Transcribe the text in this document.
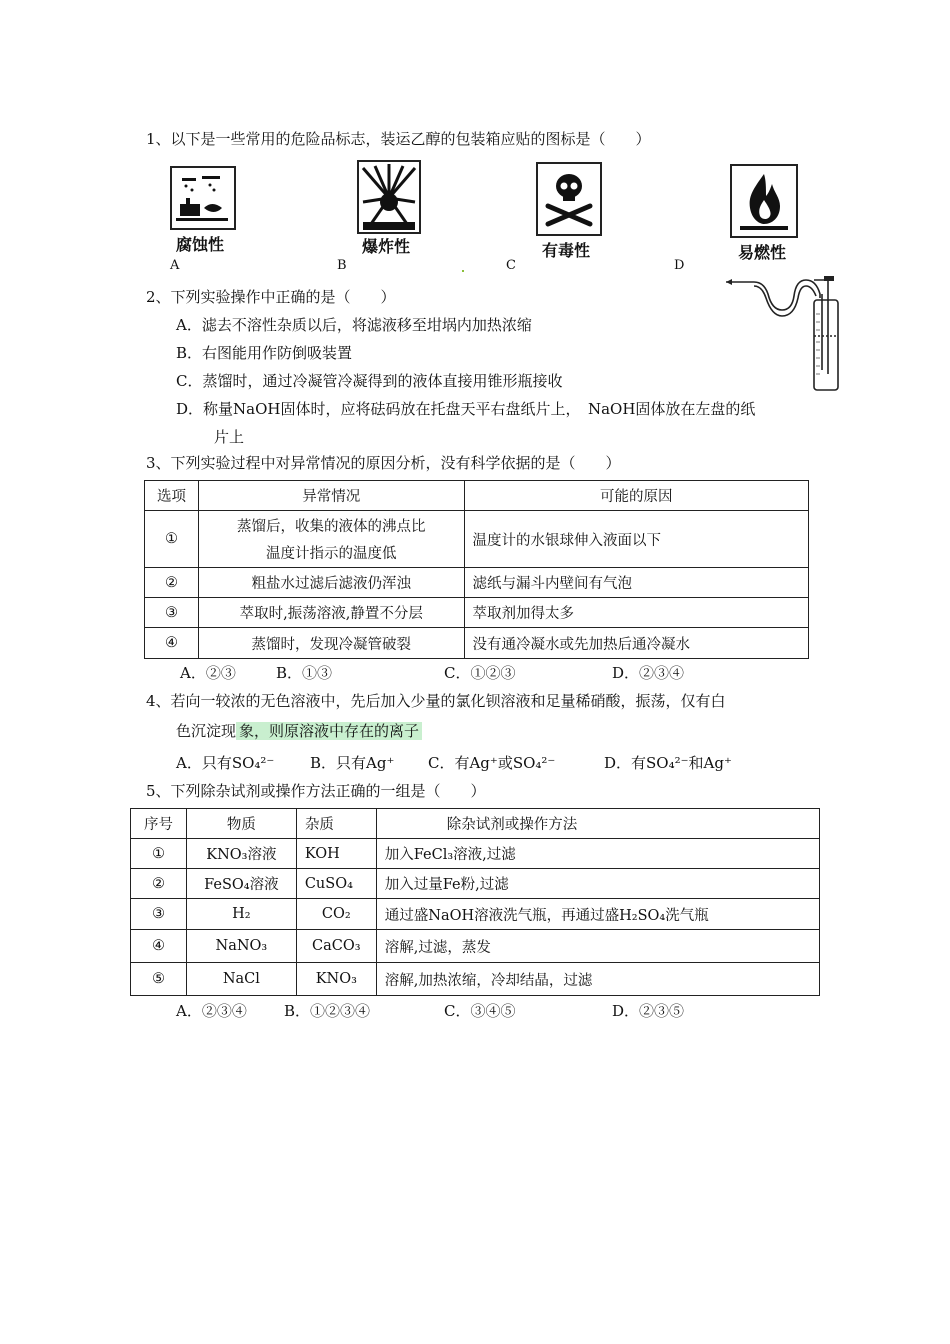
1、以下是一些常用的危险品标志，装运乙醇的包装箱应贴的图标是（　　）
腐蚀性
A
爆炸性
B
有毒性
C
易燃性
D
2、下列实验操作中正确的是（　　）
A．滤去不溶性杂质以后，将滤液移至坩埚内加热浓缩
B．右图能用作防倒吸装置
C．蒸馏时，通过冷凝管冷凝得到的液体直接用锥形瓶接收
D．称量NaOH固体时，应将砝码放在托盘天平右盘纸片上，　NaOH固体放在左盘的纸
片上
3、下列实验过程中对异常情况的原因分析，没有科学依据的是（　　）
选项	异常情况	可能的原因
①	蒸馏后，收集的液体的沸点比
温度计指示的温度低	温度计的水银球伸入液面以下
②	粗盐水过滤后滤液仍浑浊	滤纸与漏斗内壁间有气泡
③	萃取时,振荡溶液,静置不分层	萃取剂加得太多
④	蒸馏时，发现冷凝管破裂	没有通冷凝水或先加热后通冷凝水
A．②③	B．①③	C．①②③	D．②③④
4、若向一较浓的无色溶液中，先后加入少量的氯化钡溶液和足量稀硝酸，振荡，仅有白
色沉淀现 象，则原溶液中存在的离子
A．只有SO₄²⁻ B．只有Ag⁺ C．有Ag⁺或SO₄²⁻	D．有SO₄²⁻和Ag⁺
5、下列除杂试剂或操作方法正确的一组是（　　）
序号	物质	杂质	除杂试剂或操作方法
①	KNO₃溶液	KOH	加入FeCl₃溶液,过滤
②	FeSO₄溶液	CuSO₄	加入过量Fe粉,过滤
③	H₂	CO₂	通过盛NaOH溶液洗气瓶，再通过盛H₂SO₄洗气瓶
④	NaNO₃	CaCO₃	溶解,过滤，蒸发
⑤	NaCl	KNO₃	溶解,加热浓缩，冷却结晶，过滤
A．②③④ B．①②③④	C．③④⑤	D．②③⑤
